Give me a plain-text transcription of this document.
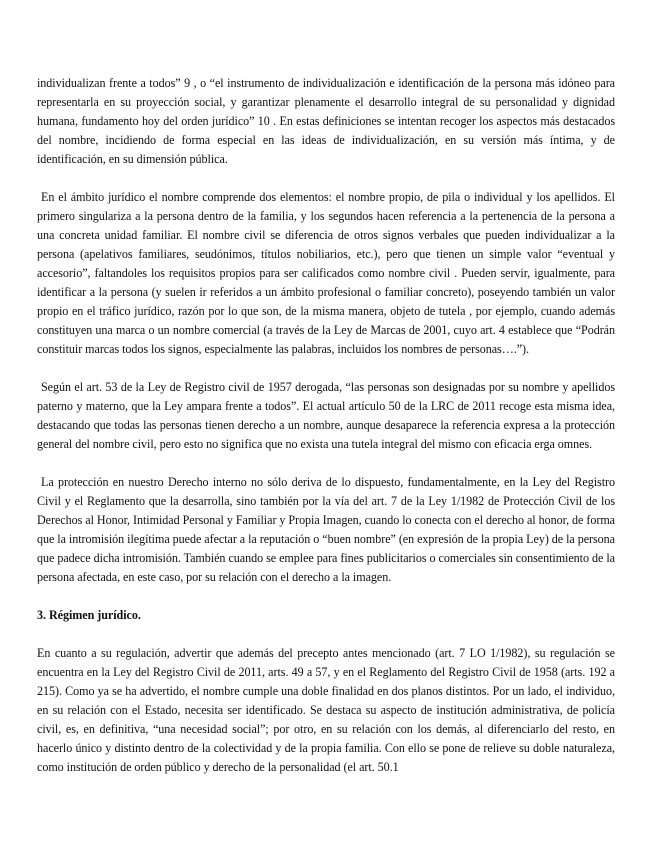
individualizan frente a todos” 9 , o “el instrumento de individualización e identificación de la persona más idóneo para representarla en su proyección social, y garantizar plenamente el desarrollo integral de su personalidad y dignidad humana, fundamento hoy del orden jurídico” 10 . En estas definiciones se intentan recoger los aspectos más destacados del nombre, incidiendo de forma especial en las ideas de individualización, en su versión más íntima, y de identificación, en su dimensión pública.

En el ámbito jurídico el nombre comprende dos elementos: el nombre propio, de pila o individual y los apellidos. El primero singulariza a la persona dentro de la familia, y los segundos hacen referencia a la pertenencia de la persona a una concreta unidad familiar. El nombre civil se diferencia de otros signos verbales que pueden individualizar a la persona (apelativos familiares, seudónimos, títulos nobiliarios, etc.), pero que tienen un simple valor “eventual y accesorio”, faltandoles los requisitos propios para ser calificados como nombre civil . Pueden servir, igualmente, para identificar a la persona (y suelen ir referidos a un ámbito profesional o familiar concreto), poseyendo también un valor propio en el tráfico jurídico, razón por lo que son, de la misma manera, objeto de tutela , por ejemplo, cuando además constituyen una marca o un nombre comercial (a través de la Ley de Marcas de 2001, cuyo art. 4 establece que “Podrán constituir marcas todos los signos, especialmente las palabras, incluidos los nombres de personas….”).

Según el art. 53 de la Ley de Registro civil de 1957 derogada, “las personas son designadas por su nombre y apellidos paterno y materno, que la Ley ampara frente a todos”. El actual artículo 50 de la LRC de 2011 recoge esta misma idea, destacando que todas las personas tienen derecho a un nombre, aunque desaparece la referencia expresa a la protección general del nombre civil, pero esto no significa que no exista una tutela integral del mismo con eficacia erga omnes.

La protección en nuestro Derecho interno no sólo deriva de lo dispuesto, fundamentalmente, en la Ley del Registro Civil y el Reglamento que la desarrolla, sino también por la vía del art. 7 de la Ley 1/1982 de Protección Civil de los Derechos al Honor, Intimidad Personal y Familiar y Propia Imagen, cuando lo conecta con el derecho al honor, de forma que la intromisión ilegítima puede afectar a la reputación o “buen nombre” (en expresión de la propia Ley) de la persona que padece dicha intromisión. También cuando se emplee para fines publicitarios o comerciales sin consentimiento de la persona afectada, en este caso, por su relación con el derecho a la imagen.

3. Régimen jurídico.

En cuanto a su regulación, advertir que además del precepto antes mencionado (art. 7 LO 1/1982), su regulación se encuentra en la Ley del Registro Civil de 2011, arts. 49 a 57, y en el Reglamento del Registro Civil de 1958 (arts. 192 a 215). Como ya se ha advertido, el nombre cumple una doble finalidad en dos planos distintos. Por un lado, el individuo, en su relación con el Estado, necesita ser identificado. Se destaca su aspecto de institución administrativa, de policía civil, es, en definitiva, “una necesidad social”; por otro, en su relación con los demás, al diferenciarlo del resto, en hacerlo único y distinto dentro de la colectividad y de la propia familia. Con ello se pone de relieve su doble naturaleza, como institución de orden público y derecho de la personalidad (el art. 50.1
